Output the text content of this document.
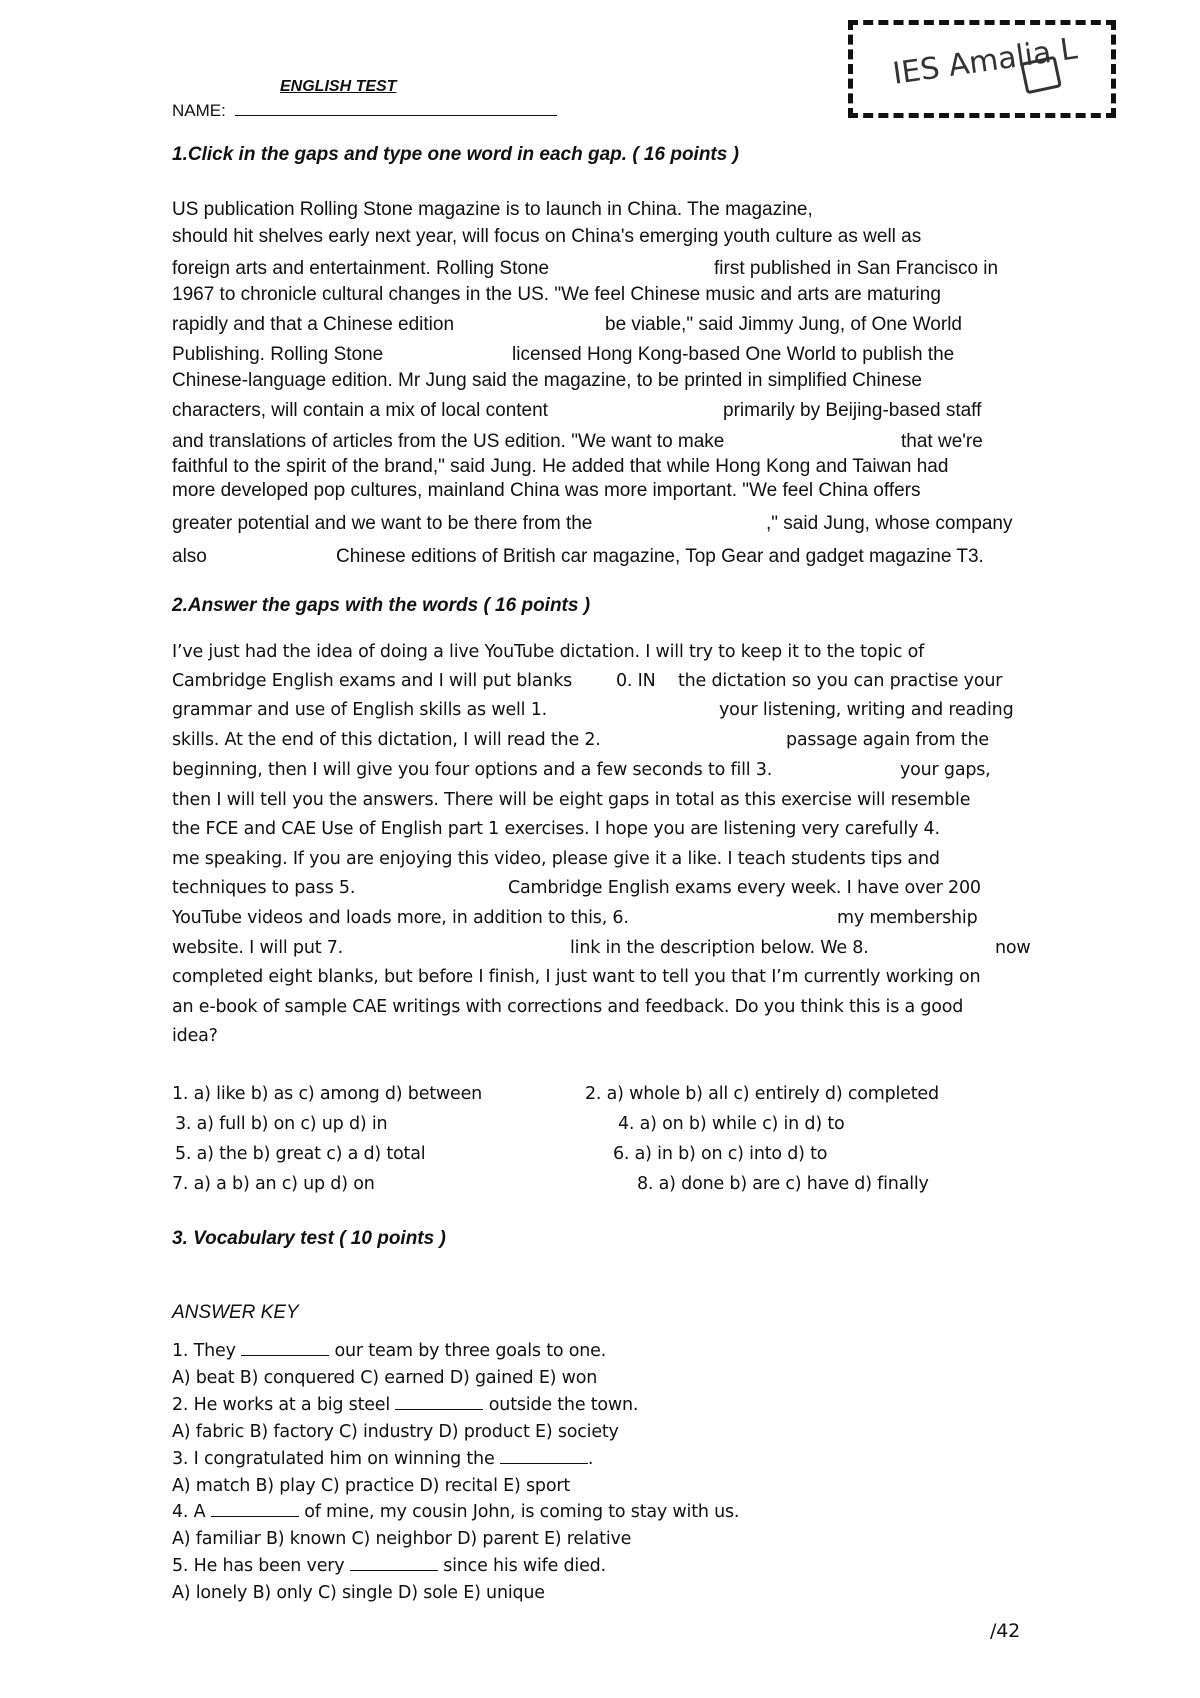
ENGLISH TEST
NAME:
IES Amalia L
1.Click in the gaps and type one word in each gap. ( 16 points )
US publication Rolling Stone magazine is to launch in China. The magazine,
should hit shelves early next year, will focus on China's emerging youth culture as well as
foreign arts and entertainment. Rolling Stone	first published in San Francisco in
1967 to chronicle cultural changes in the US. "We feel Chinese music and arts are maturing
rapidly and that a Chinese edition	be viable," said Jimmy Jung, of One World
Publishing. Rolling Stone	licensed Hong Kong-based One World to publish the
Chinese-language edition. Mr Jung said the magazine, to be printed in simplified Chinese
characters, will contain a mix of local content	primarily by Beijing-based staff
and translations of articles from the US edition. "We want to make	that we're
faithful to the spirit of the brand," said Jung. He added that while Hong Kong and Taiwan had
more developed pop cultures, mainland China was more important. "We feel China offers
greater potential and we want to be there from the	," said Jung, whose company
also	Chinese editions of British car magazine, Top Gear and gadget magazine T3.
2.Answer the gaps with the words ( 16 points )
I’ve just had the idea of doing a live YouTube dictation. I will try to keep it to the topic of
Cambridge English exams and I will put blanks	0. IN the dictation so you can practise your
grammar and use of English skills as well 1.	your listening, writing and reading
skills. At the end of this dictation, I will read the 2.	passage again from the
beginning, then I will give you four options and a few seconds to fill 3.	your gaps,
then I will tell you the answers. There will be eight gaps in total as this exercise will resemble
the FCE and CAE Use of English part 1 exercises. I hope you are listening very carefully 4.
me speaking. If you are enjoying this video, please give it a like. I teach students tips and
techniques to pass 5.	Cambridge English exams every week. I have over 200
YouTube videos and loads more, in addition to this, 6.	my membership
website. I will put 7.	link in the description below. We 8.	now
completed eight blanks, but before I finish, I just want to tell you that I’m currently working on
an e-book of sample CAE writings with corrections and feedback. Do you think this is a good
idea?
1. a) like b) as c) among d) between	2. a) whole b) all c) entirely d) completed
3. a) full b) on c) up d) in	4. a) on b) while c) in d) to
5. a) the b) great c) a d) total	6. a) in b) on c) into d) to
7. a) a b) an c) up d) on	8. a) done b) are c) have d) finally
3. Vocabulary test ( 10 points )
ANSWER KEY
1. They	our team by three goals to one.
A) beat B) conquered C) earned D) gained E) won
2. He works at a big steel	outside the town.
A) fabric B) factory C) industry D) product E) society
3. I congratulated him on winning the	.
A) match B) play C) practice D) recital E) sport
4. A	of mine, my cousin John, is coming to stay with us.
A) familiar B) known C) neighbor D) parent E) relative
5. He has been very	since his wife died.
A) lonely B) only C) single D) sole E) unique
/42
